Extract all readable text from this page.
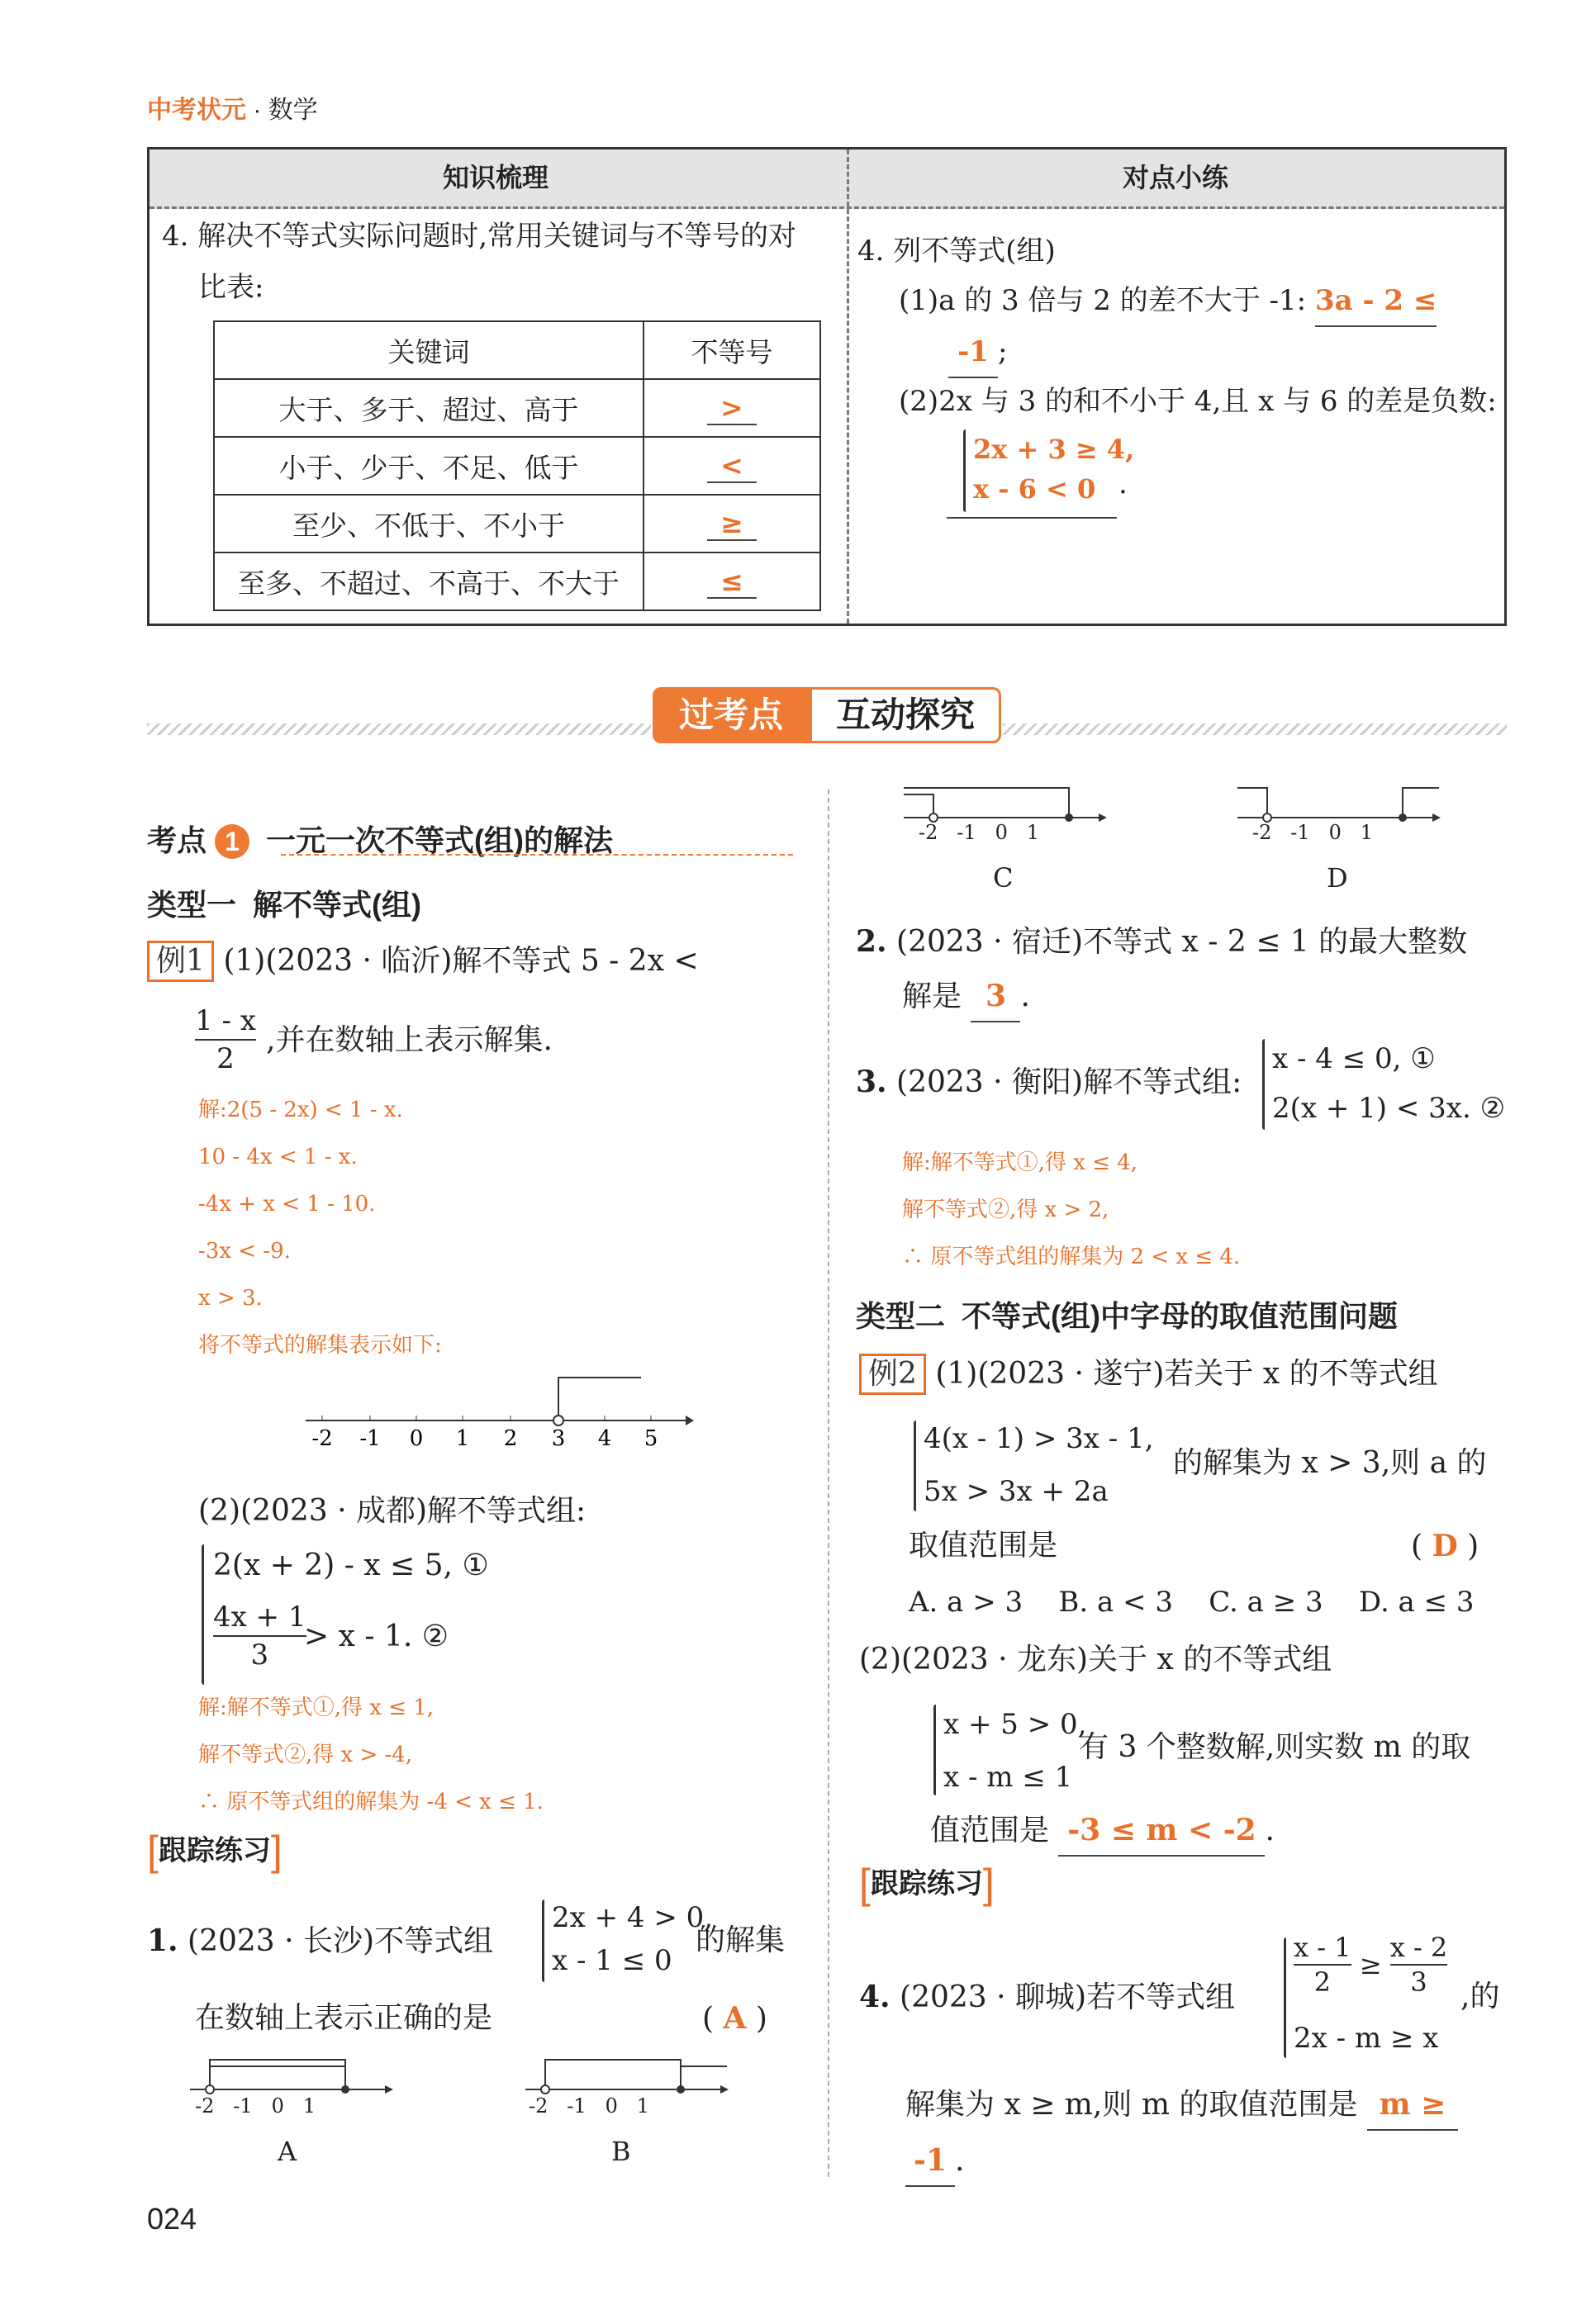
中考状元 · 数学
知识梳理	对点小练
4. 解决不等式实际问题时,常用关键词与不等号的对
比表:
关键词	不等号
大于、多于、超过、高于	>
小于、少于、不足、低于	<
至少、不低于、不小于	≥
至多、不超过、不高于、不大于	≤
4. 列不等式(组)
(1)a 的 3 倍与 2 的差不大于 -1: 3a - 2 ≤
-1 ;
(2)2x 与 3 的和不小于 4,且 x 与 6 的差是负数:
2x + 3 ≥ 4,
x - 6 < 0 .
过考点	互动探究
考点 1 一元一次不等式(组)的解法
类型一  解不等式(组)
例1 (1)(2023 · 临沂)解不等式 5 - 2x <
$\frac{1 - x}{2}$ ,并在数轴上表示解集.
解:2(5 - 2x) < 1 - x.
10 - 4x < 1 - x.
-4x + x < 1 - 10.
-3x < -9.
x > 3.
将不等式的解集表示如下:
-2 -1 0 1 2 3 4 5
(2)(2023 · 成都)解不等式组:
2(x + 2) - x ≤ 5, ①
$\frac{4x + 1}{3}$
> x - 1. ②
解:解不等式①,得 x ≤ 1,
解不等式②,得 x > -4,
∴ 原不等式组的解集为 -4 < x ≤ 1.
[ 跟踪练习 ]
1. (2023 · 长沙)不等式组
2x + 4 > 0,
x - 1 ≤ 0
的解集
在数轴上表示正确的是	( A )
-2 -1 0 1
A
-2 -1 0 1
B
-2 -1 0 1
C
-2 -1 0 1
D
2. (2023 · 宿迁)不等式 x - 2 ≤ 1 的最大整数
解是 3 .
3. (2023 · 衡阳)解不等式组:
x - 4 ≤ 0, ①
2(x + 1) < 3x. ②
解:解不等式①,得 x ≤ 4,
解不等式②,得 x > 2,
∴ 原不等式组的解集为 2 < x ≤ 4.
类型二  不等式(组)中字母的取值范围问题
例2 (1)(2023 · 遂宁)若关于 x 的不等式组
4(x - 1) > 3x - 1,
5x > 3x + 2a
的解集为 x > 3,则 a 的
取值范围是	( D )
A. a > 3    B. a < 3    C. a ≥ 3    D. a ≤ 3
(2)(2023 · 龙东)关于 x 的不等式组
x + 5 > 0,
x - m ≤ 1
有 3 个整数解,则实数 m 的取
值范围是 -3 ≤ m < -2 .
[ 跟踪练习 ]
4. (2023 · 聊城)若不等式组 $\frac{x - 1}{2} \ge \frac{x - 2}{3}$
2x - m ≥ x
,的
解集为 x ≥ m,则 m 的取值范围是 m ≥
-1 .
024
